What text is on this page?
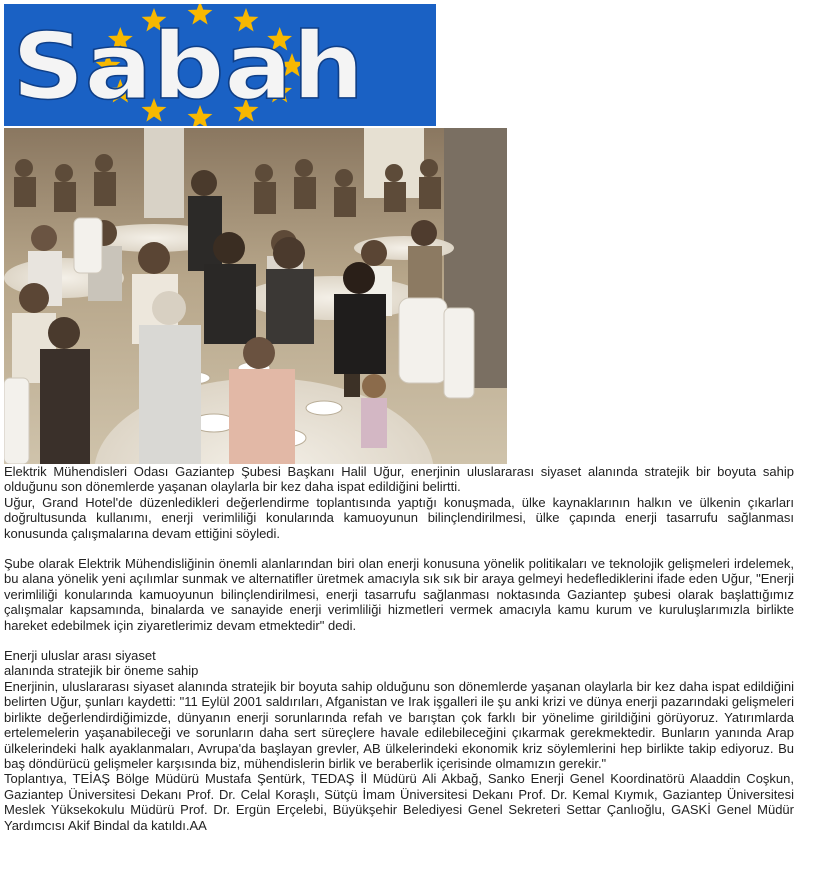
Sabah

Elektrik Mühendisleri Odası Gaziantep Şubesi Başkanı Halil Uğur, enerjinin uluslararası siyaset alanında stratejik bir boyuta sahip olduğunu son dönemlerde yaşanan olaylarla bir kez daha ispat edildiğini belirtti.

Uğur, Grand Hotel'de düzenledikleri değerlendirme toplantısında yaptığı konuşmada, ülke kaynaklarının halkın ve ülkenin çıkarları doğrultusunda kullanımı, enerji verimliliği konularında kamuoyunun bilinçlendirilmesi, ülke çapında enerji tasarrufu sağlanması konusunda çalışmalarına devam ettiğini söyledi.

Şube olarak Elektrik Mühendisliğinin önemli alanlarından biri olan enerji konusuna yönelik politikaları ve teknolojik gelişmeleri irdelemek, bu alana yönelik yeni açılımlar sunmak ve alternatifler üretmek amacıyla sık sık bir araya gelmeyi hedeflediklerini ifade eden Uğur, "Enerji verimliliği konularında kamuoyunun bilinçlendirilmesi, enerji tasarrufu sağlanması noktasında Gaziantep şubesi olarak başlattığımız çalışmalar kapsamında, binalarda ve sanayide enerji verimliliği hizmetleri vermek amacıyla kamu kurum ve kuruluşlarımızla birlikte hareket edebilmek için ziyaretlerimiz devam etmektedir" dedi.

Enerji uluslar arası siyaset

alanında stratejik bir öneme sahip

Enerjinin, uluslararası siyaset alanında stratejik bir boyuta sahip olduğunu son dönemlerde yaşanan olaylarla bir kez daha ispat edildiğini belirten Uğur, şunları kaydetti: "11 Eylül 2001 saldırıları, Afganistan ve Irak işgalleri ile şu anki krizi ve dünya enerji pazarındaki gelişmeleri birlikte değerlendirdiğimizde, dünyanın enerji sorunlarında refah ve barıştan çok farklı bir yönelime girildiğini görüyoruz. Yatırımlarda ertelemelerin yaşanabileceği ve sorunların daha sert süreçlere havale edilebileceğini çıkarmak gerekmektedir. Bunların yanında Arap ülkelerindeki halk ayaklanmaları, Avrupa'da başlayan grevler, AB ülkelerindeki ekonomik kriz söylemlerini hep birlikte takip ediyoruz. Bu baş döndürücü gelişmeler karşısında biz, mühendislerin birlik ve beraberlik içerisinde olmamızın gerekir."

Toplantıya, TEİAŞ Bölge Müdürü Mustafa Şentürk, TEDAŞ İl Müdürü Ali Akbağ, Sanko Enerji Genel Koordinatörü Alaaddin Coşkun, Gaziantep Üniversitesi Dekanı Prof. Dr. Celal Koraşlı, Sütçü İmam Üniversitesi Dekanı Prof. Dr. Kemal Kıymık, Gaziantep Üniversitesi Meslek Yüksekokulu Müdürü Prof. Dr. Ergün Erçelebi, Büyükşehir Belediyesi Genel Sekreteri Settar Çanlıoğlu, GASKİ Genel Müdür Yardımcısı Akif Bindal da katıldı.AA
